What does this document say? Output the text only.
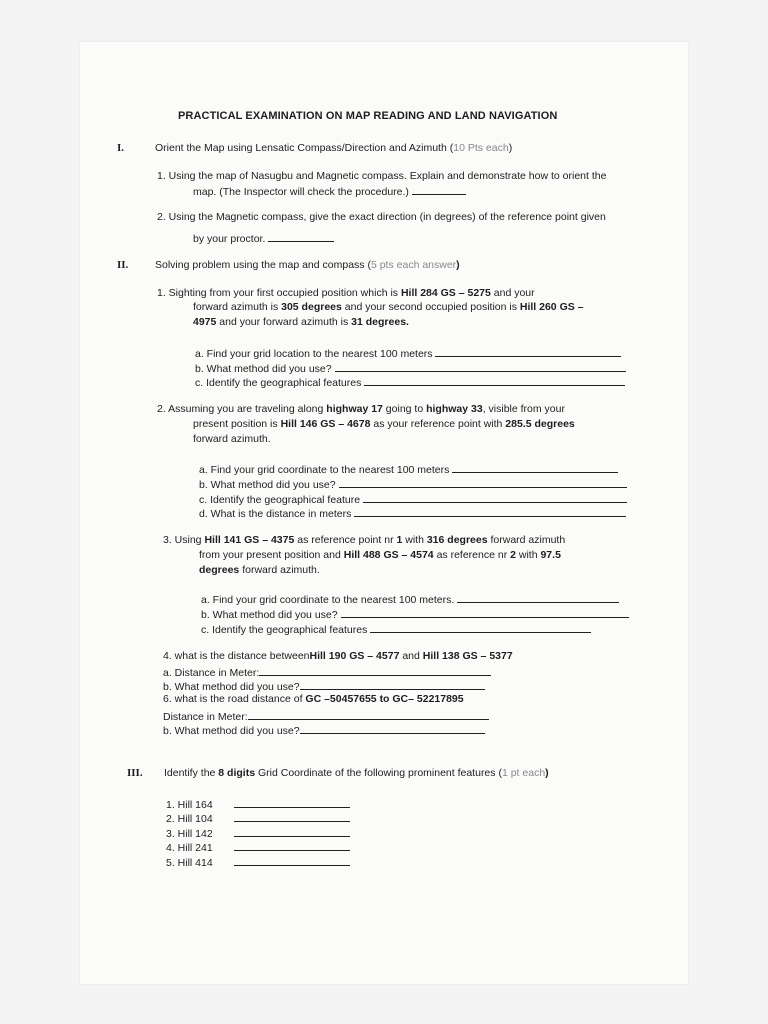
PRACTICAL EXAMINATION ON MAP READING AND LAND NAVIGATION
I.	Orient the Map using Lensatic Compass/Direction and Azimuth (10 Pts each)
1. Using the map of Nasugbu and Magnetic compass. Explain and demonstrate how to orient the
map. (The Inspector will check the procedure.)
2. Using the Magnetic compass, give the exact direction (in degrees) of the reference point given
by your proctor.
II.	Solving problem using the map and compass (5 pts each answer)
1. Sighting from your first occupied position which is Hill 284 GS – 5275 and your
forward azimuth is 305 degrees and your second occupied position is Hill 260 GS –
4975 and your forward azimuth is 31 degrees.
a. Find your grid location to the nearest 100 meters
b. What method did you use?
c. Identify the geographical features
2. Assuming you are traveling along highway 17 going to highway 33, visible from your
present position is Hill 146 GS – 4678 as your reference point with 285.5 degrees
forward azimuth.
a. Find your grid coordinate to the nearest 100 meters
b. What method did you use?
c. Identify the geographical feature
d. What is the distance in meters
3. Using Hill 141 GS – 4375 as reference point nr 1 with 316 degrees forward azimuth
from your present position and Hill 488 GS – 4574 as reference nr 2 with 97.5
degrees forward azimuth.
a. Find your grid coordinate to the nearest 100 meters.
b. What method did you use?
c. Identify the geographical features
4. what is the distance betweenHill 190 GS – 4577 and Hill 138 GS – 5377
a. Distance in Meter:
b. What method did you use?
6. what is the road distance of GC –50457655 to GC– 52217895
Distance in Meter:
b. What method did you use?
III. Identify the 8 digits Grid Coordinate of the following prominent features (1 pt each)
1. Hill 164
2. Hill 104
3. Hill 142
4. Hill 241
5. Hill 414
